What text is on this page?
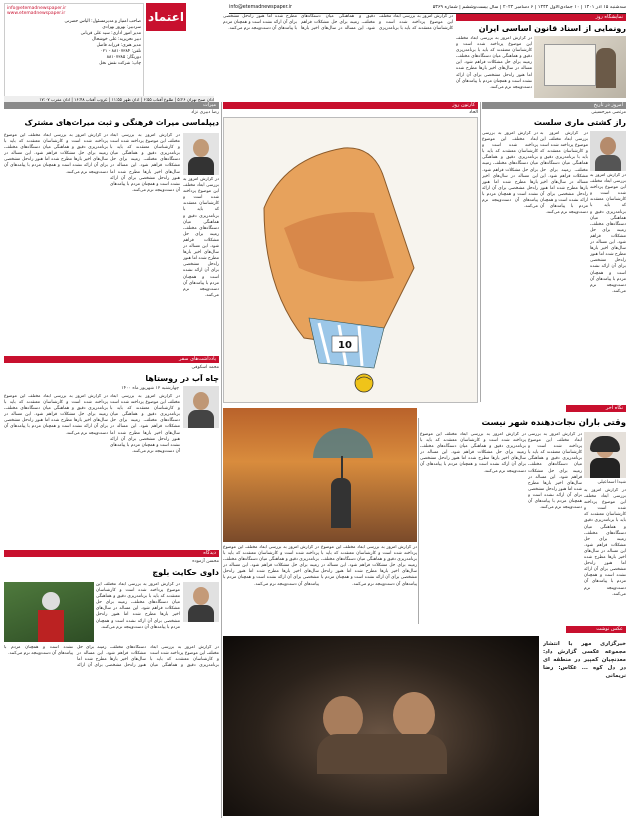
info@etemadnewspaper.ir
www.etemadnewspaper.ir
صاحب امتیاز و مدیرمسئول: الیاس حضرتی
سردبیر: بهروز بهزادی
مدیر امور اداری: سید علی قربانی
دبیر تحریریه: علی خوشحال
مدیر هنری: فرزانه فاضل
تلفن: ۸۸۱۰۷۳۸۴ - ۰۲۱
دورنگار: ۸۸۱۰۷۳۸۵
چاپ: شرکت نقش نخل
اعتماد
سه‌شنبه ۱۵ آذر ۱۴۰۱ | ۱۰ جمادی‌الاول ۱۴۴۴ | ۶ دسامبر ۲۰۲۲ | سال بیست‌وششم | شماره ۵۳۶۹
info@etemadnewspaper.ir
اذان صبح تهران ۵:۲۶ | طلوع آفتاب ۶:۵۵ | اذان ظهر ۱۱:۵۵ | غروب آفتاب ۱۶:۴۸ | اذان مغرب ۱۷:۰۷
نمایشگاه روز
رونمایی از اسناد قانون اساسی ایران
در گزارش امروز به بررسی ابعاد مختلف این موضوع پرداخته شده است و کارشناسان معتقدند که باید با برنامه‌ریزی دقیق و هماهنگی میان دستگاه‌های مختلف، زمینه برای حل مشکلات فراهم شود. این مساله در سال‌های اخیر بارها مطرح شده اما هنوز راه‌حل مشخصی برای آن ارائه نشده است و همچنان مردم با پیامدهای آن دست‌وپنجه نرم می‌کنند.
در گزارش امروز به بررسی ابعاد مختلف این موضوع پرداخته شده است و کارشناسان معتقدند که باید با برنامه‌ریزی دقیق و هماهنگی میان دستگاه‌های مختلف، زمینه برای حل مشکلات فراهم شود. این مساله در سال‌های اخیر بارها مطرح شده اما هنوز راه‌حل مشخصی برای آن ارائه نشده است و همچنان مردم با پیامدهای آن دست‌وپنجه نرم می‌کنند.
امروز در تاریخ
کارتون روز
میراث
مرتضی میرحسینی
راز کشتی ماری سلست
در گزارش امروز به بررسی ابعاد مختلف این موضوع پرداخته شده است و کارشناسان معتقدند که باید با برنامه‌ریزی دقیق و هماهنگی میان دستگاه‌های مختلف، زمینه برای حل مشکلات فراهم شود. این مساله در سال‌های اخیر بارها مطرح شده اما هنوز راه‌حل مشخصی برای آن ارائه نشده است و همچنان مردم با پیامدهای آن دست‌وپنجه نرم می‌کنند.
در گزارش امروز به بررسی ابعاد مختلف این موضوع پرداخته شده است و کارشناسان معتقدند که باید با برنامه‌ریزی دقیق و هماهنگی میان دستگاه‌های مختلف، زمینه برای حل مشکلات فراهم شود. این مساله در سال‌های اخیر بارها مطرح شده اما هنوز راه‌حل مشخصی برای آن ارائه نشده است و همچنان مردم با پیامدهای آن دست‌وپنجه نرم می‌کنند.
در گزارش امروز به بررسی ابعاد مختلف این موضوع پرداخته شده است و کارشناسان معتقدند که باید با برنامه‌ریزی دقیق و هماهنگی میان دستگاه‌های مختلف، زمینه برای حل مشکلات فراهم شود. این مساله در سال‌های اخیر بارها مطرح شده اما هنوز راه‌حل مشخصی برای آن ارائه نشده است و همچنان مردم با پیامدهای آن دست‌وپنجه نرم می‌کنند.
الحاد
10
رضا دبیری نژاد
دیپلماسی میراث فرهنگی و ثبت میراث‌های مشترک
در گزارش امروز به بررسی ابعاد مختلف این موضوع پرداخته شده است و کارشناسان معتقدند که باید با برنامه‌ریزی دقیق و هماهنگی میان دستگاه‌های مختلف، زمینه برای حل مشکلات فراهم شود. این مساله در سال‌های اخیر بارها مطرح شده اما هنوز راه‌حل مشخصی برای آن ارائه نشده است و همچنان مردم با پیامدهای آن دست‌وپنجه نرم می‌کنند.
در گزارش امروز به بررسی ابعاد مختلف این موضوع پرداخته شده است و کارشناسان معتقدند که باید با برنامه‌ریزی دقیق و هماهنگی میان دستگاه‌های مختلف، زمینه برای حل مشکلات فراهم شود. این مساله در سال‌های اخیر بارها مطرح شده اما هنوز راه‌حل مشخصی برای آن ارائه نشده است و همچنان مردم با پیامدهای آن دست‌وپنجه نرم می‌کنند.
در گزارش امروز به بررسی ابعاد مختلف این موضوع پرداخته شده است و کارشناسان معتقدند که باید با برنامه‌ریزی دقیق و هماهنگی میان دستگاه‌های مختلف، زمینه برای حل مشکلات فراهم شود. این مساله در سال‌های اخیر بارها مطرح شده اما هنوز راه‌حل مشخصی برای آن ارائه نشده است و همچنان مردم با پیامدهای آن دست‌وپنجه نرم می‌کنند.
یادداشت‌های سفر
محمد اسکوفی
چاه آب در روستاها
چهارشنبه ۱۲ شهریور ماه ۱۴۰۰
در گزارش امروز به بررسی ابعاد مختلف این موضوع پرداخته شده است و کارشناسان معتقدند که باید با برنامه‌ریزی دقیق و هماهنگی میان دستگاه‌های مختلف، زمینه برای حل مشکلات فراهم شود. این مساله در سال‌های اخیر بارها مطرح شده اما هنوز راه‌حل مشخصی برای آن ارائه نشده است و همچنان مردم با پیامدهای آن دست‌وپنجه نرم می‌کنند.
در گزارش امروز به بررسی ابعاد مختلف این موضوع پرداخته شده است و کارشناسان معتقدند که باید با برنامه‌ریزی دقیق و هماهنگی میان دستگاه‌های مختلف، زمینه برای حل مشکلات فراهم شود. این مساله در سال‌های اخیر بارها مطرح شده اما هنوز راه‌حل مشخصی برای آن ارائه نشده است و همچنان مردم با پیامدهای آن دست‌وپنجه نرم می‌کنند.
دیدگاه
محسن آزموده
داوِی حکایت بلوچ
در گزارش امروز به بررسی ابعاد مختلف این موضوع پرداخته شده است و کارشناسان معتقدند که باید با برنامه‌ریزی دقیق و هماهنگی میان دستگاه‌های مختلف، زمینه برای حل مشکلات فراهم شود. این مساله در سال‌های اخیر بارها مطرح شده اما هنوز راه‌حل مشخصی برای آن ارائه نشده است و همچنان مردم با پیامدهای آن دست‌وپنجه نرم می‌کنند.
در گزارش امروز به بررسی ابعاد مختلف این موضوع پرداخته شده است و کارشناسان معتقدند که باید با برنامه‌ریزی دقیق و هماهنگی میان دستگاه‌های مختلف، زمینه برای حل مشکلات فراهم شود. این مساله در سال‌های اخیر بارها مطرح شده اما هنوز راه‌حل مشخصی برای آن ارائه نشده است و همچنان مردم با پیامدهای آن دست‌وپنجه نرم می‌کنند.
نگاه آخر
وقتی باران نجات‌دهنده شهر نیست
شیدا اسماعیلی
در گزارش امروز به بررسی ابعاد مختلف این موضوع پرداخته شده است و کارشناسان معتقدند که باید با برنامه‌ریزی دقیق و هماهنگی میان دستگاه‌های مختلف، زمینه برای حل مشکلات فراهم شود. این مساله در سال‌های اخیر بارها مطرح شده اما هنوز راه‌حل مشخصی برای آن ارائه نشده است و همچنان مردم با پیامدهای آن دست‌وپنجه نرم می‌کنند.
در گزارش امروز به بررسی ابعاد مختلف این موضوع پرداخته شده است و کارشناسان معتقدند که باید با برنامه‌ریزی دقیق و هماهنگی میان دستگاه‌های مختلف، زمینه برای حل مشکلات فراهم شود. این مساله در سال‌های اخیر بارها مطرح شده اما هنوز راه‌حل مشخصی برای آن ارائه نشده است و همچنان مردم با پیامدهای آن دست‌وپنجه نرم می‌کنند.
در گزارش امروز به بررسی ابعاد مختلف این موضوع پرداخته شده است و کارشناسان معتقدند که باید با برنامه‌ریزی دقیق و هماهنگی میان دستگاه‌های مختلف، زمینه برای حل مشکلات فراهم شود. این مساله در سال‌های اخیر بارها مطرح شده اما هنوز راه‌حل مشخصی برای آن ارائه نشده است و همچنان مردم با پیامدهای آن دست‌وپنجه نرم می‌کنند.
در گزارش امروز به بررسی ابعاد مختلف این موضوع پرداخته شده است و کارشناسان معتقدند که باید با برنامه‌ریزی دقیق و هماهنگی میان دستگاه‌های مختلف، زمینه برای حل مشکلات فراهم شود. این مساله در سال‌های اخیر بارها مطرح شده اما هنوز راه‌حل مشخصی برای آن ارائه نشده است و همچنان مردم با پیامدهای آن دست‌وپنجه نرم می‌کنند.
در گزارش امروز به بررسی ابعاد مختلف این موضوع پرداخته شده است و کارشناسان معتقدند که باید با برنامه‌ریزی دقیق و هماهنگی میان دستگاه‌های مختلف، زمینه برای حل مشکلات فراهم شود. این مساله در سال‌های اخیر بارها مطرح شده اما هنوز راه‌حل مشخصی برای آن ارائه نشده است و همچنان مردم با پیامدهای آن دست‌وپنجه نرم می‌کنند.
عکس نوشت
خبرگزاری مهر با انتشار مجموعه عکسی گزارش داد: معدنچیان کمپیر در منطقه ای در دل کوه ... عکاس: رضا نریمانی
